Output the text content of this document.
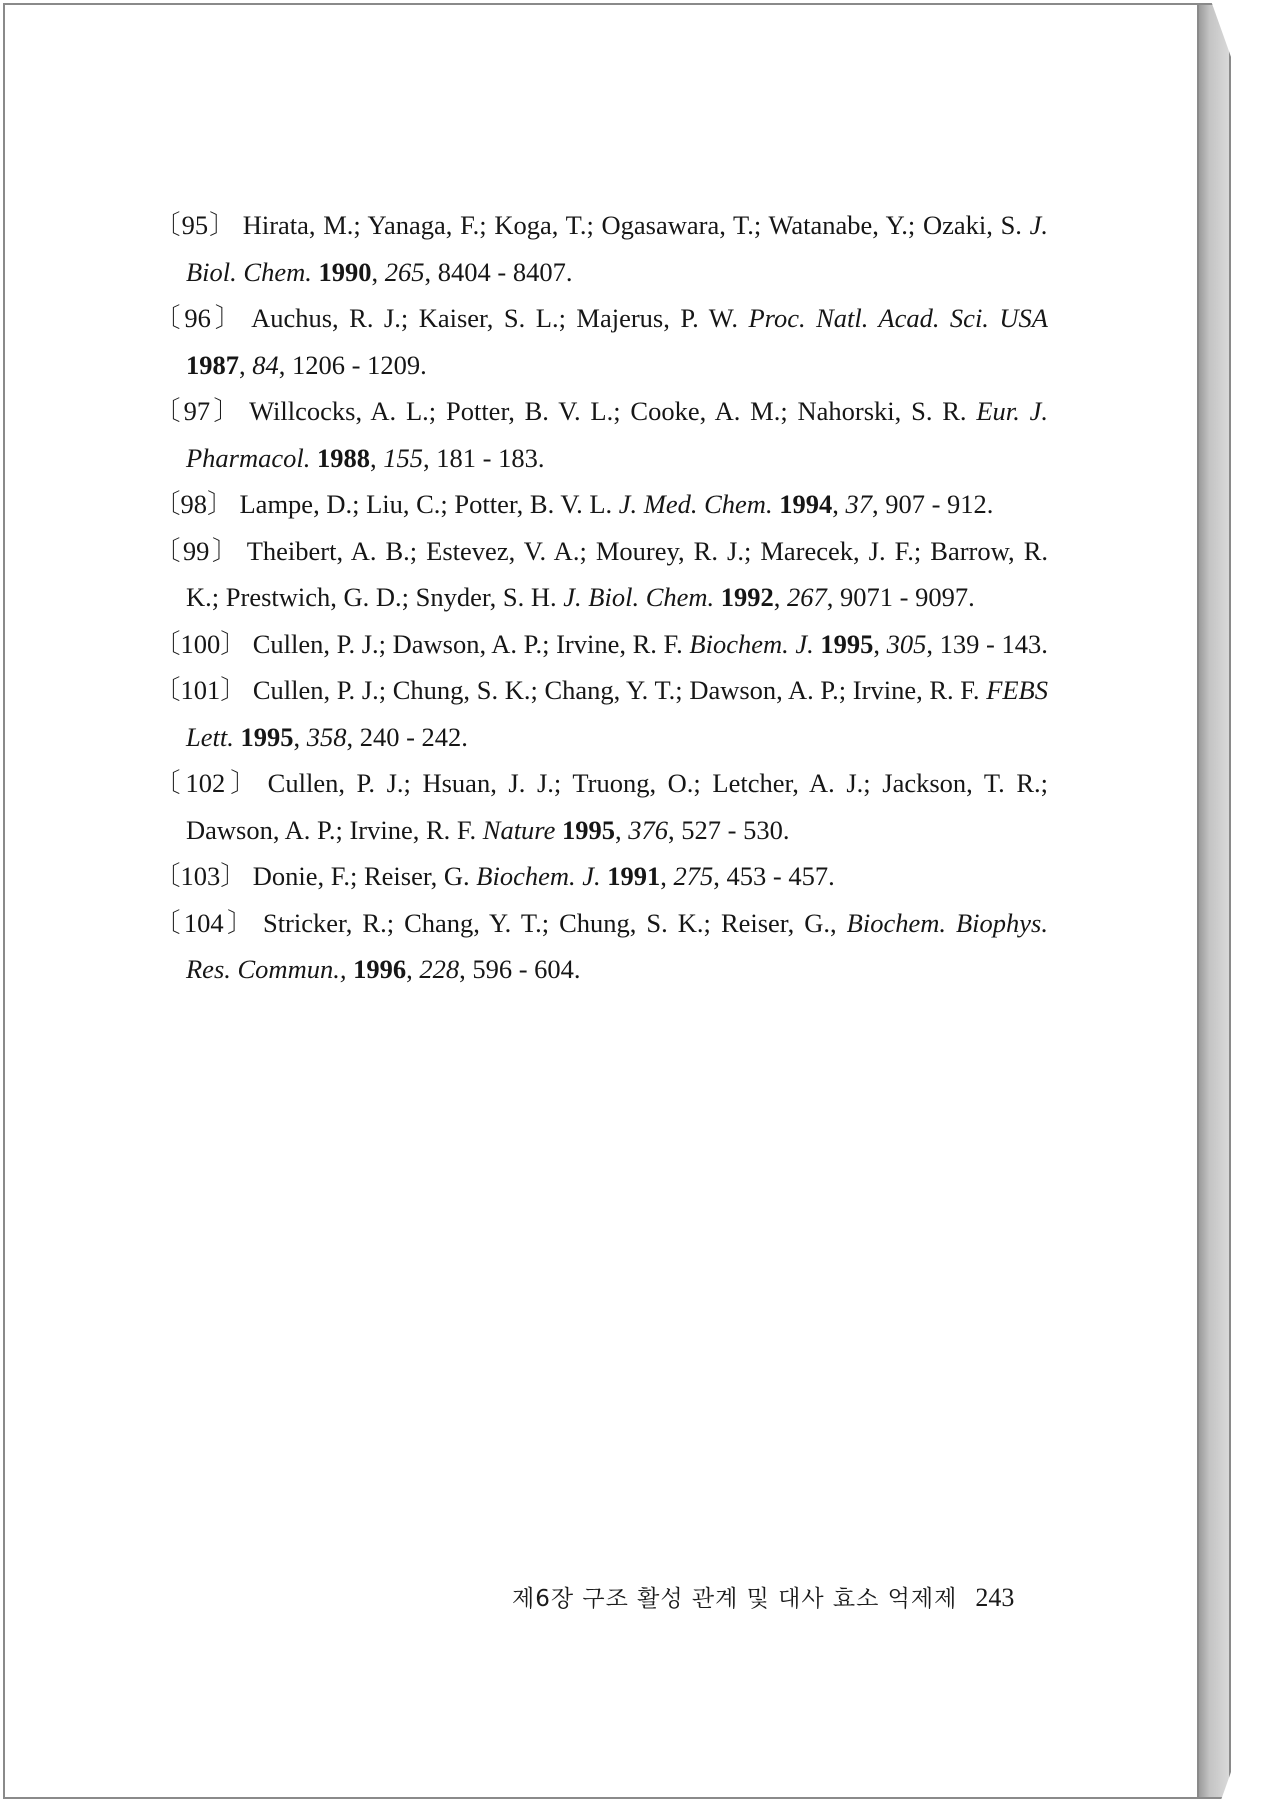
〔95〕 Hirata, M.; Yanaga, F.; Koga, T.; Ogasawara, T.; Watanabe, Y.; Ozaki, S. J. Biol. Chem. 1990, 265, 8404 - 8407.
〔96〕 Auchus, R. J.; Kaiser, S. L.; Majerus, P. W. Proc. Natl. Acad. Sci. USA 1987, 84, 1206 - 1209.
〔97〕 Willcocks, A. L.; Potter, B. V. L.; Cooke, A. M.; Nahorski, S. R. Eur. J. Pharmacol. 1988, 155, 181 - 183.
〔98〕 Lampe, D.; Liu, C.; Potter, B. V. L. J. Med. Chem. 1994, 37, 907 - 912.
〔99〕 Theibert, A. B.; Estevez, V. A.; Mourey, R. J.; Marecek, J. F.; Barrow, R. K.; Prestwich, G. D.; Snyder, S. H. J. Biol. Chem. 1992, 267, 9071 - 9097.
〔100〕 Cullen, P. J.; Dawson, A. P.; Irvine, R. F. Biochem. J. 1995, 305, 139 - 143.
〔101〕 Cullen, P. J.; Chung, S. K.; Chang, Y. T.; Dawson, A. P.; Irvine, R. F. FEBS Lett. 1995, 358, 240 - 242.
〔102〕 Cullen, P. J.; Hsuan, J. J.; Truong, O.; Letcher, A. J.; Jackson, T. R.; Dawson, A. P.; Irvine, R. F. Nature 1995, 376, 527 - 530.
〔103〕 Donie, F.; Reiser, G. Biochem. J. 1991, 275, 453 - 457.
〔104〕 Stricker, R.; Chang, Y. T.; Chung, S. K.; Reiser, G., Biochem. Biophys. Res. Commun., 1996, 228, 596 - 604.
제6장 구조 활성 관계 및 대사 효소 억제제 243
